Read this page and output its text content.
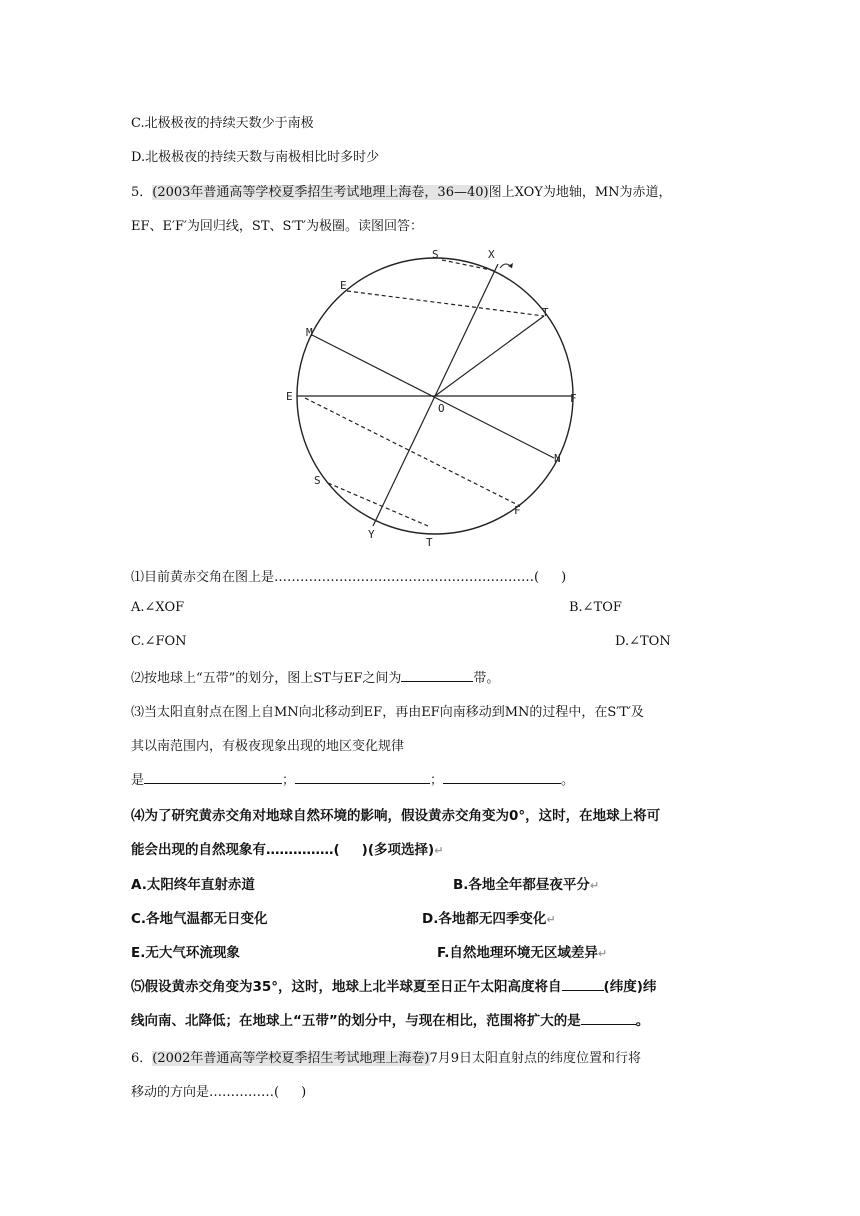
C.北极极夜的持续天数少于南极
D.北极极夜的持续天数与南极相比时多时少
5．(2003年普通高等学校夏季招生考试地理上海卷，36—40)图上XOY为地轴，MN为赤道，
EF、E′F′为回归线，ST、S′T′为极圈。读图回答：
S	X
E
T
M
E
O
F
N
S
F
Y
T
⑴目前黄赤交角在图上是……………………………………………………( )
A.∠XOF	B.∠TOF
C.∠FON	D.∠TON
⑵按地球上“五带”的划分，图上ST与EF之间为	带。
⑶当太阳直射点在图上自MN向北移动到EF，再由EF向南移动到MN的过程中，在S′T′及
其以南范围内，有极夜现象出现的地区变化规律
是	；	；	。
⑷为了研究黄赤交角对地球自然环境的影响，假设黄赤交角变为0°，这时，在地球上将可
能会出现的自然现象有……………( )(多项选择)↵
A.太阳终年直射赤道	B.各地全年都昼夜平分↵
C.各地气温都无日变化	D.各地都无四季变化↵
E.无大气环流现象	F.自然地理环境无区域差异↵
⑸假设黄赤交角变为35°，这时，地球上北半球夏至日正午太阳高度将自	(纬度)纬
线向南、北降低；在地球上“五带”的划分中，与现在相比，范围将扩大的是	。
6．(2002年普通高等学校夏季招生考试地理上海卷)7月9日太阳直射点的纬度位置和行将
移动的方向是……………( )
